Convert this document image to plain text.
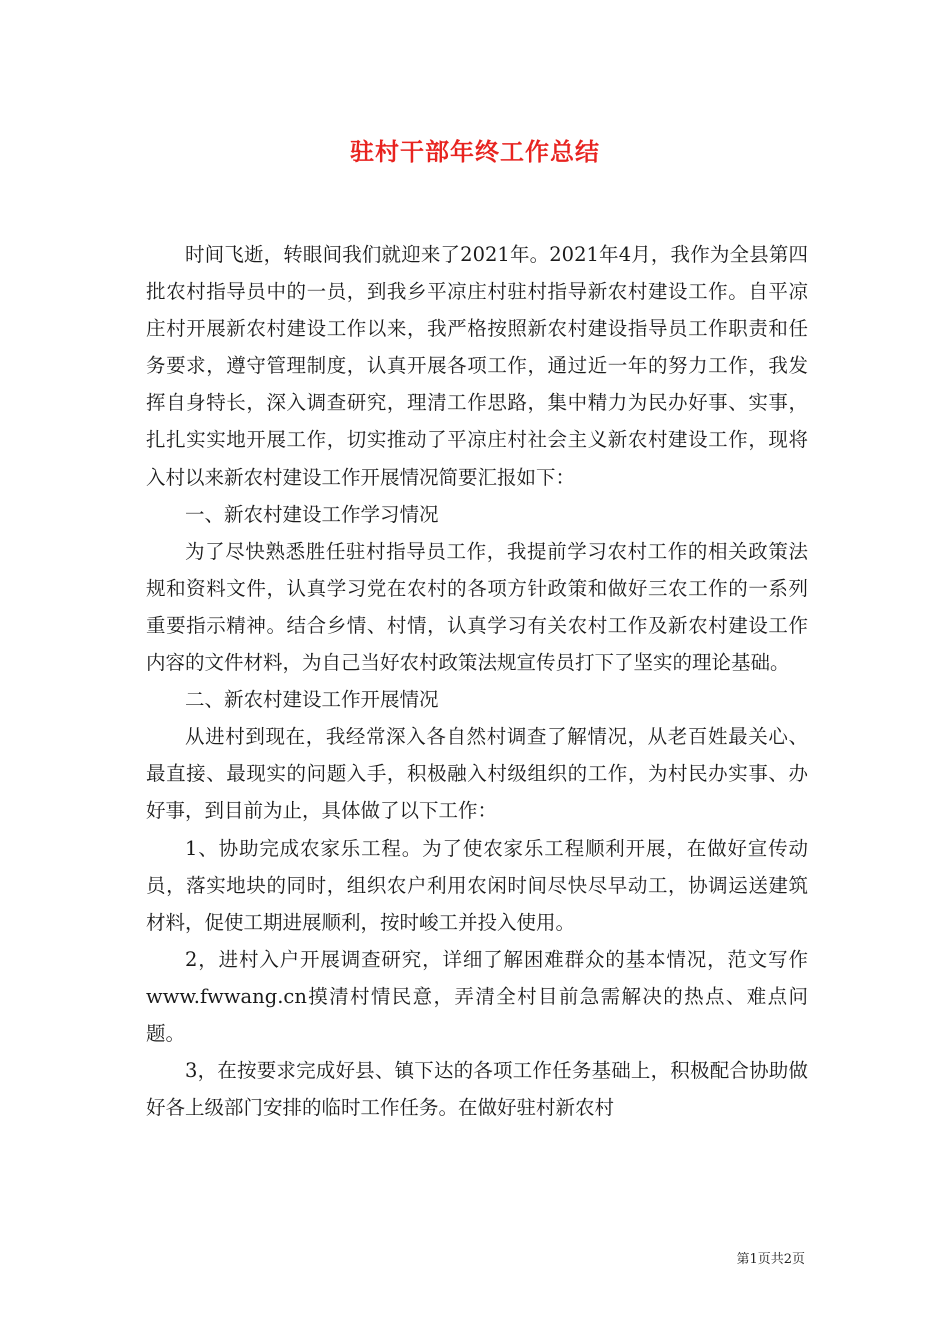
驻村干部年终工作总结

时间飞逝，转眼间我们就迎来了2021年。2021年4月，我作为全县第四批农村指导员中的一员，到我乡平凉庄村驻村指导新农村建设工作。自平凉庄村开展新农村建设工作以来，我严格按照新农村建设指导员工作职责和任务要求，遵守管理制度，认真开展各项工作，通过近一年的努力工作，我发挥自身特长，深入调查研究，理清工作思路，集中精力为民办好事、实事，扎扎实实地开展工作，切实推动了平凉庄村社会主义新农村建设工作，现将入村以来新农村建设工作开展情况简要汇报如下：

一、新农村建设工作学习情况

为了尽快熟悉胜任驻村指导员工作，我提前学习农村工作的相关政策法规和资料文件，认真学习党在农村的各项方针政策和做好三农工作的一系列重要指示精神。结合乡情、村情，认真学习有关农村工作及新农村建设工作内容的文件材料，为自己当好农村政策法规宣传员打下了坚实的理论基础。

二、新农村建设工作开展情况

从进村到现在，我经常深入各自然村调查了解情况，从老百姓最关心、最直接、最现实的问题入手，积极融入村级组织的工作，为村民办实事、办好事，到目前为止，具体做了以下工作：

1、协助完成农家乐工程。为了使农家乐工程顺利开展，在做好宣传动员，落实地块的同时，组织农户利用农闲时间尽快尽早动工，协调运送建筑材料，促使工期进展顺利，按时峻工并投入使用。

2，进村入户开展调查研究，详细了解困难群众的基本情况，范文写作www.fwwang.cn摸清村情民意，弄清全村目前急需解决的热点、难点问题。

3，在按要求完成好县、镇下达的各项工作任务基础上，积极配合协助做好各上级部门安排的临时工作任务。在做好驻村新农村

第1页共2页
